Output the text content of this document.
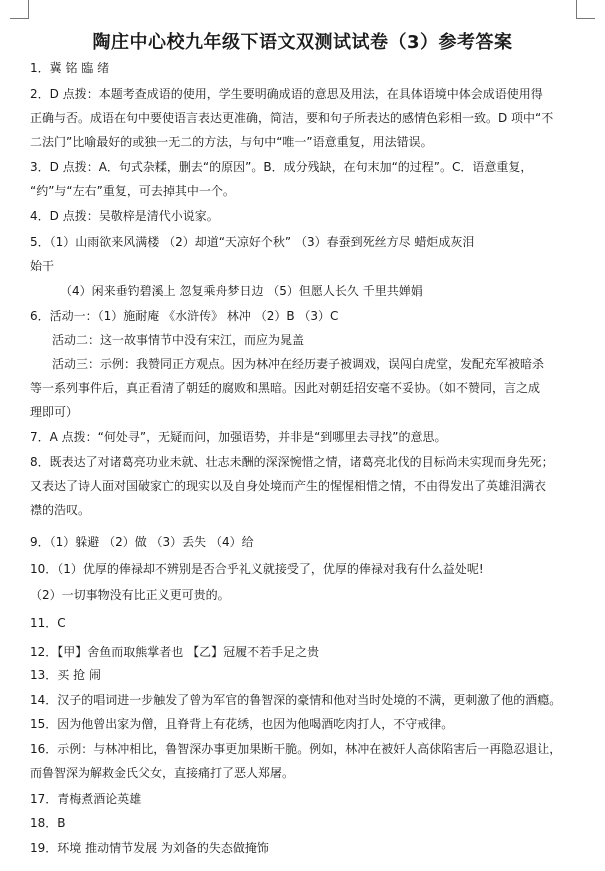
陶庄中心校九年级下语文双测试试卷（3）参考答案
1．冀 铭 臨 绪
2．D 点拨：本题考查成语的使用，学生要明确成语的意思及用法，在具体语境中体会成语使用得
正确与否。成语在句中要使语言表达更准确，简洁，要和句子所表达的感情色彩相一致。D 项中“不
二法门”比喻最好的或独一无二的方法，与句中“唯一”语意重复，用法错误。
3．D 点拨：A．句式杂糅，删去“的原因”。B．成分残缺，在句末加“的过程”。C．语意重复，
“约”与“左右”重复，可去掉其中一个。
4．D 点拨：吴敬梓是清代小说家。
5．（1）山雨欲来风满楼 （2）却道“天凉好个秋” （3）春蚕到死丝方尽 蜡炬成灰泪
始干
（4）闲来垂钓碧溪上 忽复乘舟梦日边 （5）但愿人长久 千里共婵娟
6．活动一：（1）施耐庵 《水浒传》 林冲 （2）B （3）C
活动二：这一故事情节中没有宋江，而应为晁盖
活动三：示例：我赞同正方观点。因为林冲在经历妻子被调戏，误闯白虎堂，发配充军被暗杀
等一系列事件后，真正看清了朝廷的腐败和黑暗。因此对朝廷招安毫不妥协。（如不赞同，言之成
理即可）
7．A 点拨：“何处寻”，无疑而问，加强语势，并非是“到哪里去寻找”的意思。
8．既表达了对诸葛亮功业未就、壮志未酬的深深惋惜之情，诸葛亮北伐的目标尚未实现而身先死；
又表达了诗人面对国破家亡的现实以及自身处境而产生的惺惺相惜之情，不由得发出了英雄泪满衣
襟的浩叹。
9．（1）躲避 （2）做 （3）丢失 （4）给
10．（1）优厚的俸禄却不辨别是否合乎礼义就接受了，优厚的俸禄对我有什么益处呢!
（2）一切事物没有比正义更可贵的。
11．C
12．【甲】舍鱼而取熊掌者也 【乙】冠履不若手足之贵
13．买 抢 闹
14．汉子的唱词进一步触发了曾为军官的鲁智深的豪情和他对当时处境的不满，更刺激了他的酒瘾。
15．因为他曾出家为僧，且脊背上有花绣，也因为他喝酒吃肉打人，不守戒律。
16．示例：与林冲相比，鲁智深办事更加果断干脆。例如，林冲在被奸人高俅陷害后一再隐忍退让，
而鲁智深为解救金氏父女，直接痛打了恶人郑屠。
17．青梅煮酒论英雄
18．B
19．环境 推动情节发展 为刘备的失态做掩饰
